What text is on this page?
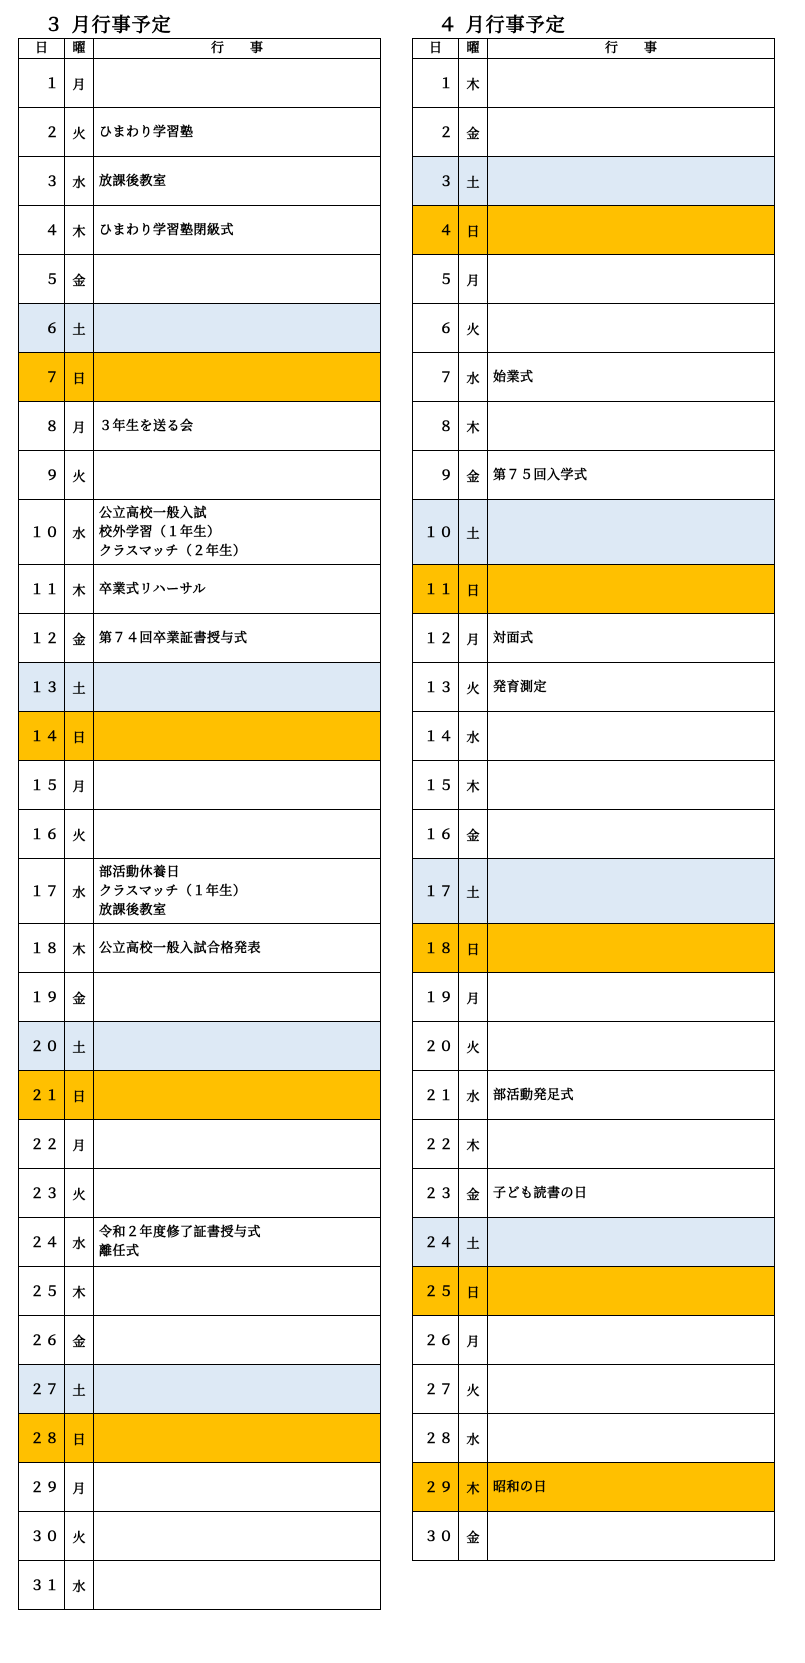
３ 月行事予定
日	曜	行　　事
１	月	

２	火	ひまわり学習塾

３	水	放課後教室

４	木	ひまわり学習塾閉級式

５	金	

６	土	

７	日	

８	月	３年生を送る会

９	火	

１０	水	公立高校一般入試
校外学習（１年生）
クラスマッチ（２年生）

１１	木	卒業式リハーサル

１２	金	第７４回卒業証書授与式

１３	土	

１４	日	

１５	月	

１６	火	

１７	水	部活動休養日
クラスマッチ（１年生）
放課後教室

１８	木	公立高校一般入試合格発表

１９	金	

２０	土	

２１	日	

２２	月	

２３	火	

２４	水	令和２年度修了証書授与式
離任式

２５	木	

２６	金	

２７	土	

２８	日	

２９	月	

３０	火	

３１	水	
４ 月行事予定
日	曜	行　　事
１	木	

２	金	

３	土	

４	日	

５	月	

６	火	

７	水	始業式

８	木	

９	金	第７５回入学式

１０	土	

１１	日	

１２	月	対面式

１３	火	発育測定

１４	水	

１５	木	

１６	金	

１７	土	

１８	日	

１９	月	

２０	火	

２１	水	部活動発足式

２２	木	

２３	金	子ども読書の日

２４	土	

２５	日	

２６	月	

２７	火	

２８	水	

２９	木	昭和の日

３０	金	
